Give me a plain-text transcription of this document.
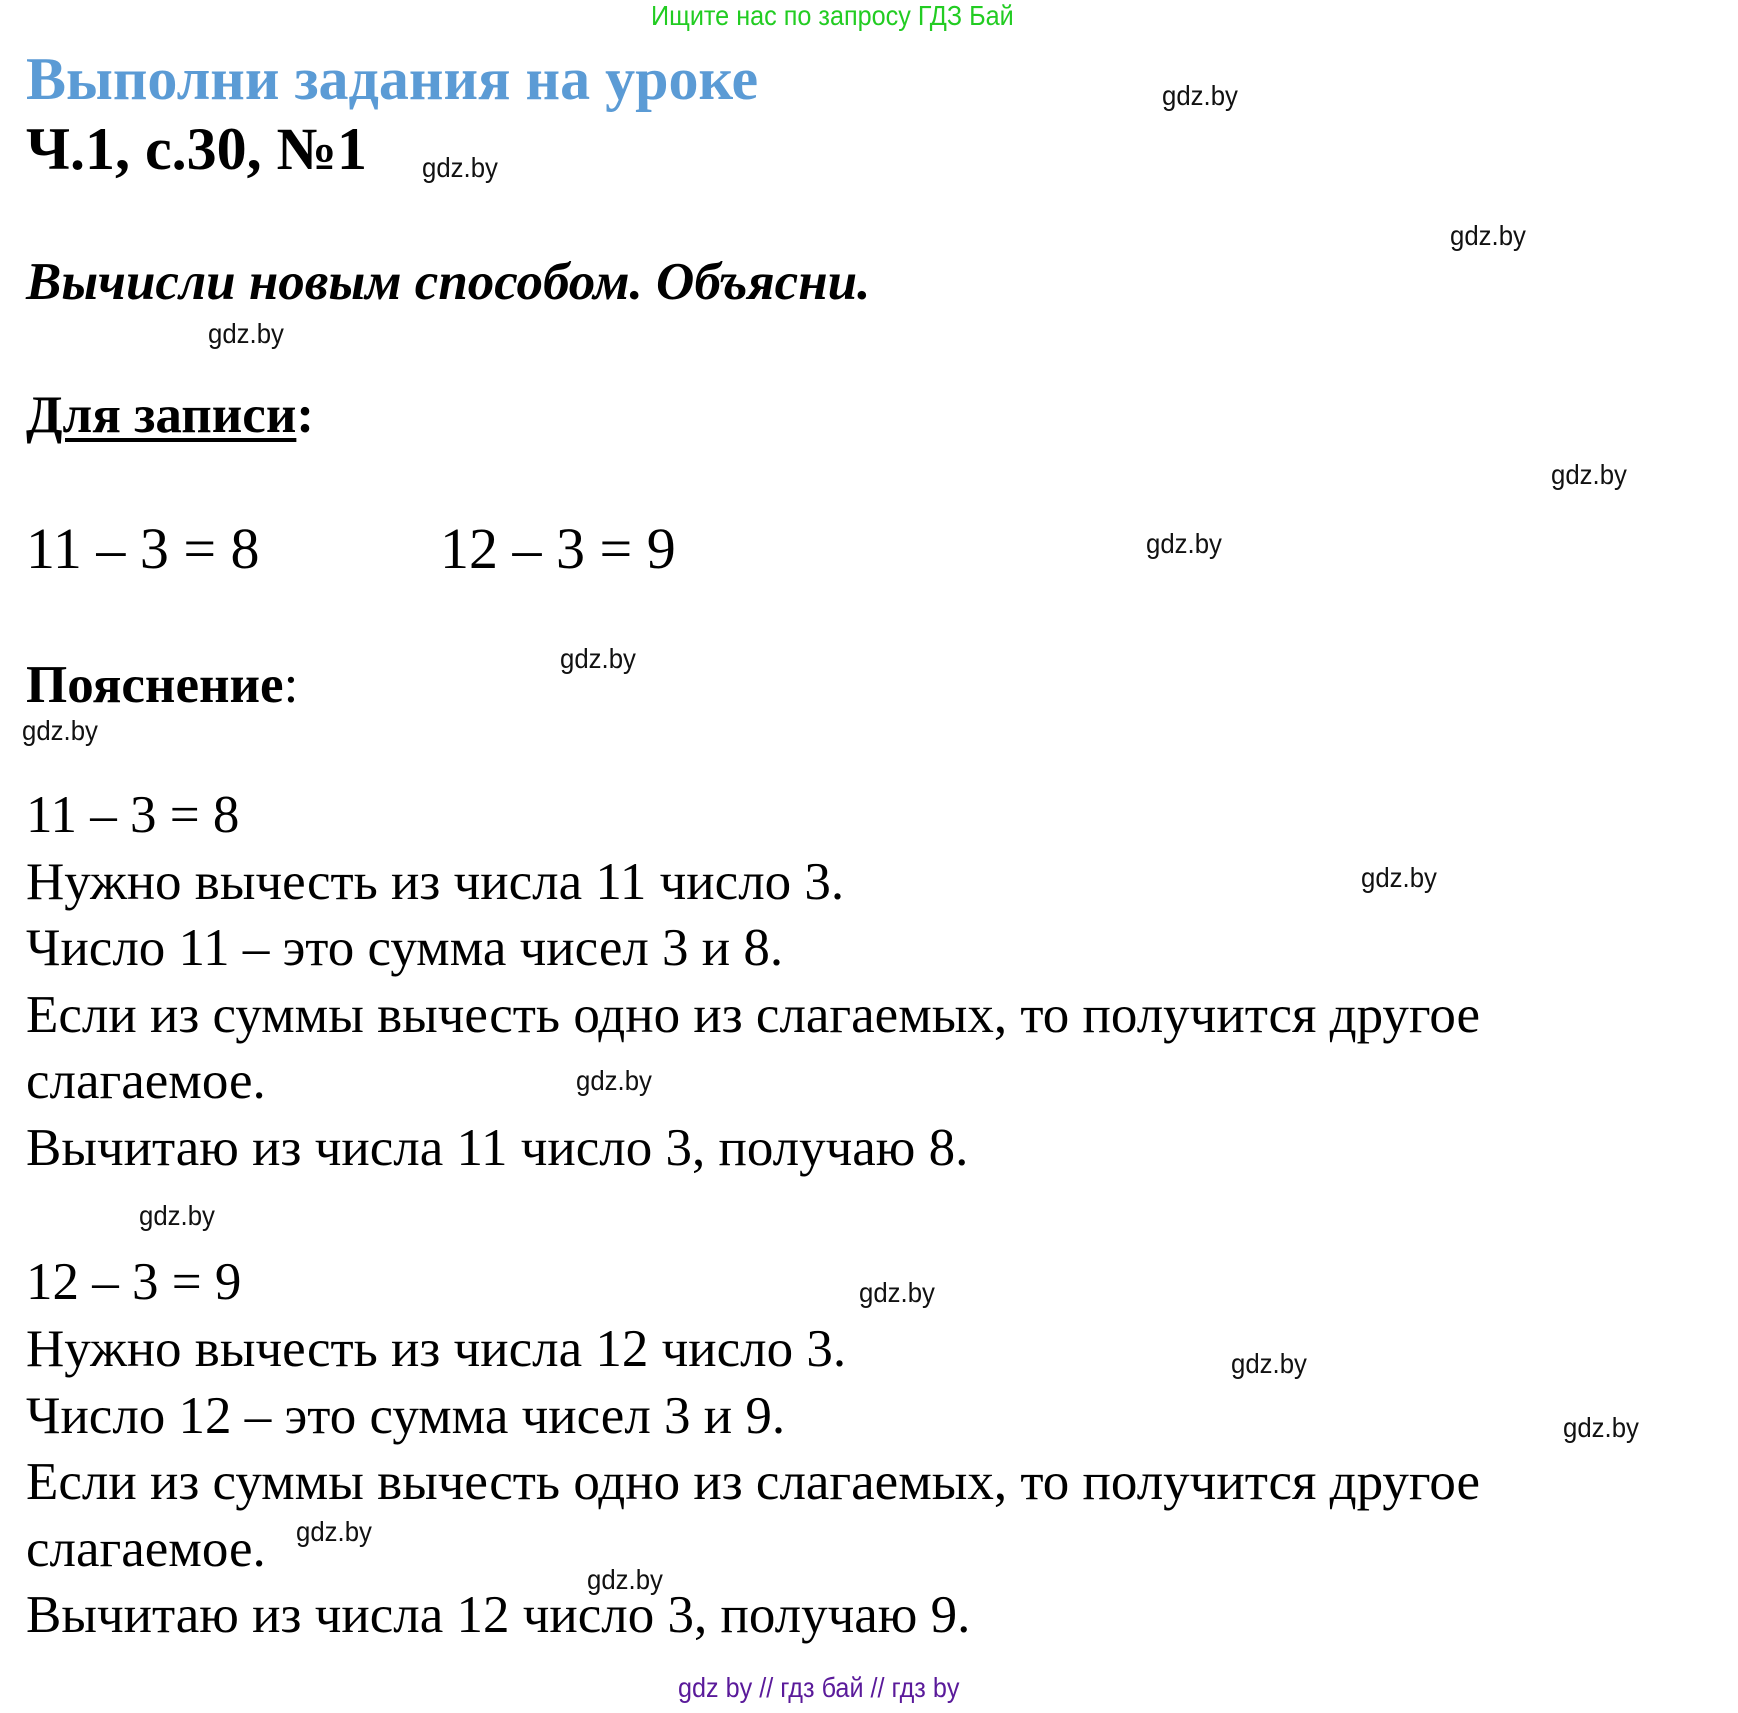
Ищите нас по запросу ГДЗ Бай
Выполни задания на уроке
Ч.1, с.30, №1
Вычисли новым способом. Объясни.
Для записи:
11 – 3 = 8	12 – 3 = 9
Пояснение:
11 – 3 = 8
Нужно вычесть из числа 11 число 3.
Число 11 – это сумма чисел 3 и 8.
Если из суммы вычесть одно из слагаемых, то получится другое
слагаемое.
Вычитаю из числа 11 число 3, получаю 8.
12 – 3 = 9
Нужно вычесть из числа 12 число 3.
Число 12 – это сумма чисел 3 и 9.
Если из суммы вычесть одно из слагаемых, то получится другое
слагаемое.
Вычитаю из числа 12 число 3, получаю 9.
gdz.by
gdz.by
gdz.by
gdz.by
gdz.by
gdz.by
gdz.by
gdz.by
gdz.by
gdz.by
gdz.by
gdz.by
gdz.by
gdz.by
gdz.by
gdz.by
gdz by // гдз бай // гдз by
